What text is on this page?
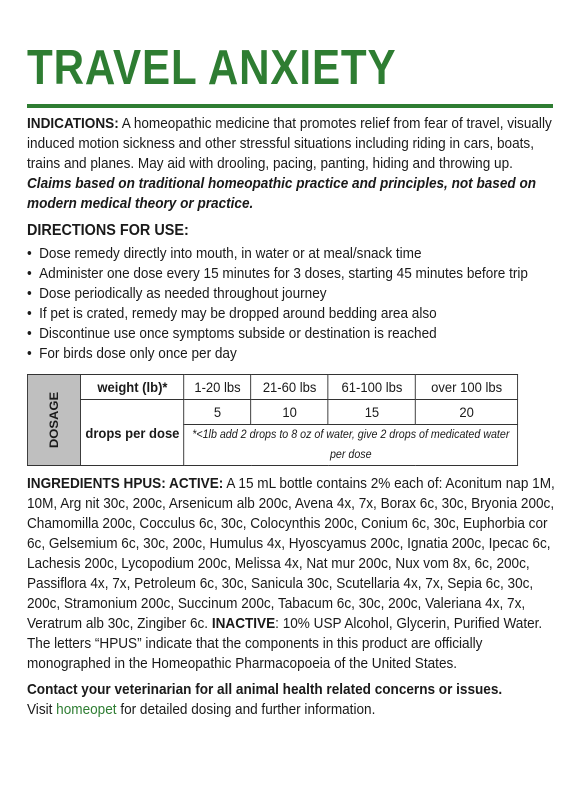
TRAVEL ANXIETY

INDICATIONS: A homeopathic medicine that promotes relief from fear of travel, visually induced motion sickness and other stressful situations including riding in cars, boats, trains and planes. May aid with drooling, pacing, panting, hiding and throwing up. Claims based on traditional homeopathic practice and principles, not based on modern medical theory or practice.

DIRECTIONS FOR USE:
• Dose remedy directly into mouth, in water or at meal/snack time
• Administer one dose every 15 minutes for 3 doses, starting 45 minutes before trip
• Dose periodically as needed throughout journey
• If pet is crated, remedy may be dropped around bedding area also
• Discontinue use once symptoms subside or destination is reached
• For birds dose only once per day
DOSAGE	weight (lb)*	1-20 lbs	21-60 lbs	61-100 lbs	over 100 lbs
	drops per dose	5	10	15	20
		*<1lb add 2 drops to 8 oz of water, give 2 drops of medicated water per dose			

INGREDIENTS HPUS: ACTIVE: A 15 mL bottle contains 2% each of: Aconitum nap 1M, 10M, Arg nit 30c, 200c, Arsenicum alb 200c, Avena 4x, 7x, Borax 6c, 30c, Bryonia 200c, Chamomilla 200c, Cocculus 6c, 30c, Colocynthis 200c, Conium 6c, 30c, Euphorbia cor 6c, Gelsemium 6c, 30c, 200c, Humulus 4x, Hyoscyamus 200c, Ignatia 200c, Ipecac 6c, Lachesis 200c, Lycopodium 200c, Melissa 4x, Nat mur 200c, Nux vom 8x, 6c, 200c, Passiflora 4x, 7x, Petroleum 6c, 30c, Sanicula 30c, Scutellaria 4x, 7x, Sepia 6c, 30c, 200c, Stramonium 200c, Succinum 200c, Tabacum 6c, 30c, 200c, Valeriana 4x, 7x, Veratrum alb 30c, Zingiber 6c. INACTIVE: 10% USP Alcohol, Glycerin, Purified Water. The letters “HPUS” indicate that the components in this product are officially monographed in the Homeopathic Pharmacopoeia of the United States.

Contact your veterinarian for all animal health related concerns or issues.

Visit homeopet for detailed dosing and further information.
